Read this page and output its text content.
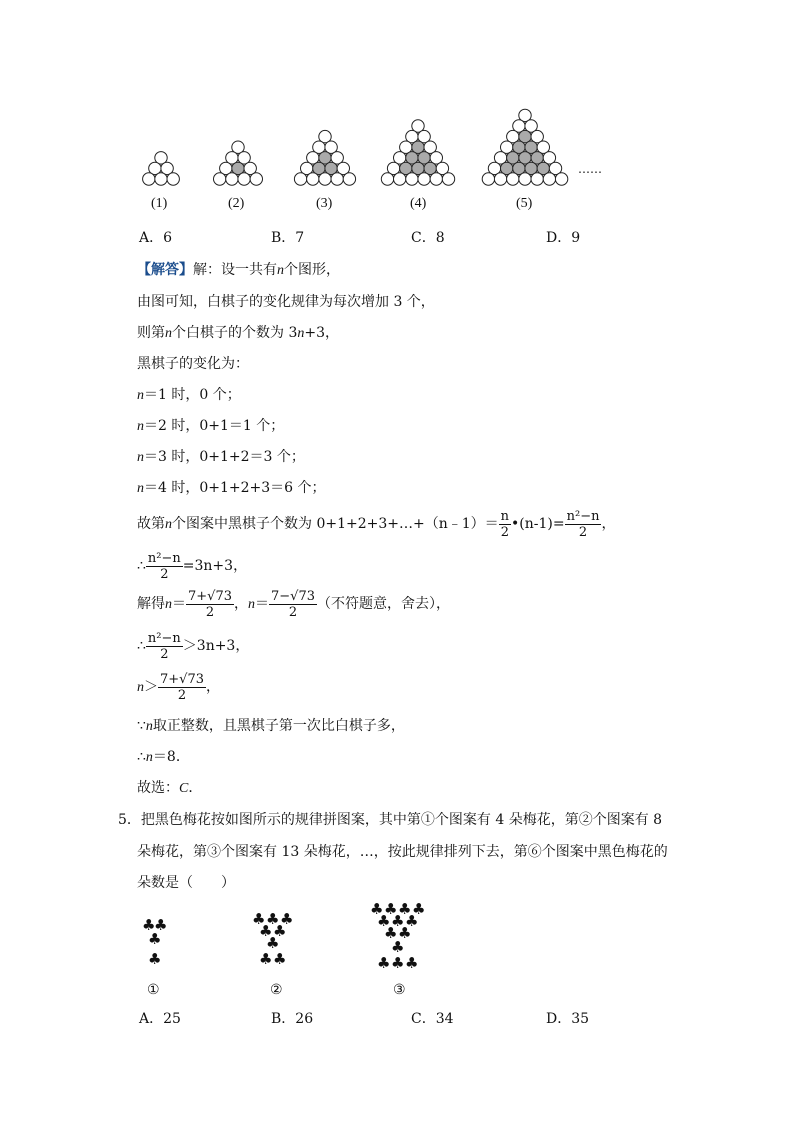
(1)	(2)	(3)	(4)	(5)
……
A．6	B．7	C．8	D．9
【解答】解：设一共有n个图形，
由图可知，白棋子的变化规律为每次增加 3 个，
则第n个白棋子的个数为 3n+3，
黑棋子的变化为：
n＝1 时，0 个；
n＝2 时，0+1＝1 个；
n＝3 时，0+1+2＝3 个；
n＝4 时，0+1+2+3＝6 个；
故第n个图案中黑棋子个数为 0+1+2+3+…+（n﹣1）＝ $\frac{n}{2}$ •(n-1)= $\frac{\text{n²−n}}{2}$ ，
∴ $\frac{\text{n²−n}}{2} =3n+3$，
解得$n= \frac{7+√73}{2}$ ，$n= \frac{7-√73}{2}$ （不符题意，舍去），
∴ $\frac{\text{n²−n}}{2} >3n+3$，
$n> \frac{7+√73}{2}$ ，
∵n取正整数，且黑棋子第一次比白棋子多，
∴n＝8．
故选：C．
5．把黑色梅花按如图所示的规律拼图案，其中第①个图案有 4 朵梅花，第②个图案有 8
朵梅花，第③个图案有 13 朵梅花，…，按此规律排列下去，第⑥个图案中黑色梅花的
朵数是（　　）
♣
♣
♣
♣
♣ ♣ ♣
♣ ♣
♣
♣ ♣
♣ ♣ ♣ ♣
♣ ♣ ♣
♣ ♣
♣
♣ ♣ ♣
①	②	③
A．25	B．26	C．34	D．35
